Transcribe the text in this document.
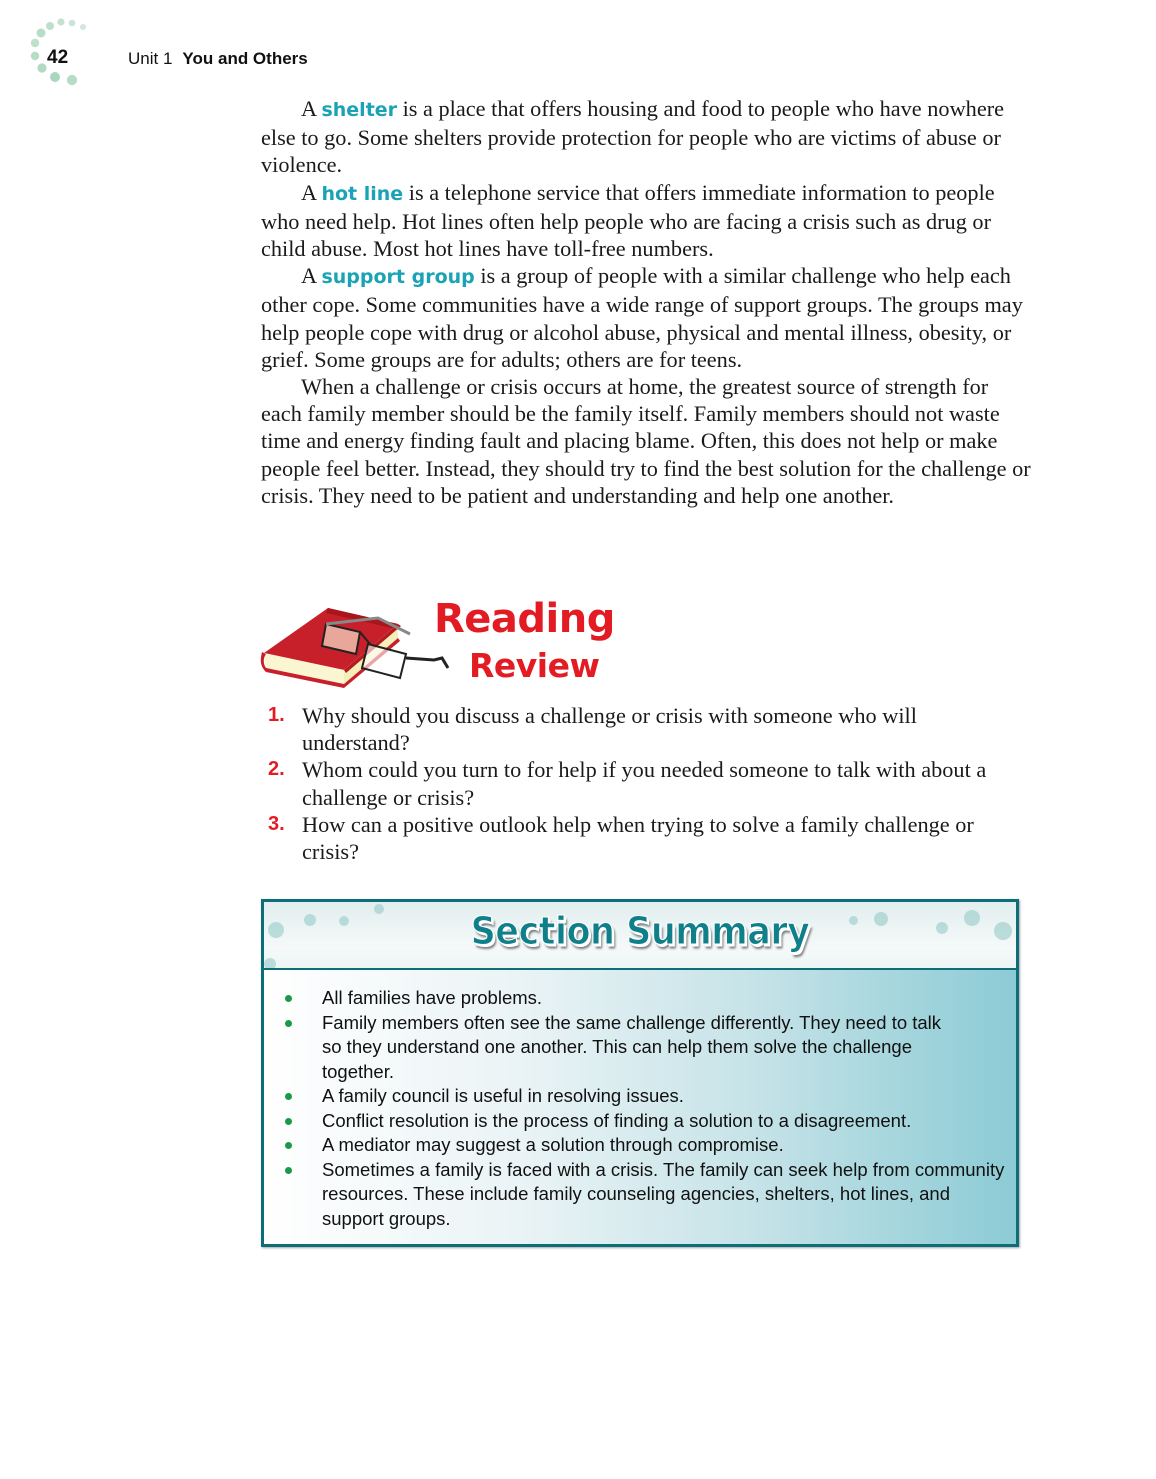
42	Unit 1 You and Others

A shelter is a place that offers housing and food to people who have nowhere else to go. Some shelters provide protection for people who are victims of abuse or violence.

A hot line is a telephone service that offers immediate information to people who need help. Hot lines often help people who are facing a crisis such as drug or child abuse. Most hot lines have toll-free numbers.

A support group is a group of people with a similar challenge who help each other cope. Some communities have a wide range of support groups. The groups may help people cope with drug or alcohol abuse, physical and mental illness, obesity, or grief. Some groups are for adults; others are for teens.

When a challenge or crisis occurs at home, the greatest source of strength for each family member should be the family itself. Family members should not waste time and energy finding fault and placing blame. Often, this does not help or make people feel better. Instead, they should try to find the best solution for the challenge or crisis. They need to be patient and understanding and help one another.

Reading
Review
1. Why should you discuss a challenge or crisis with someone who will understand?
2. Whom could you turn to for help if you needed someone to talk with about a challenge or crisis?
3. How can a positive outlook help when trying to solve a family challenge or crisis?
Section Summary
All families have problems.
Family members often see the same challenge differently. They need to talk so they understand one another. This can help them solve the challenge together.
A family council is useful in resolving issues.
Conflict resolution is the process of finding a solution to a disagreement.
A mediator may suggest a solution through compromise.
Sometimes a family is faced with a crisis. The family can seek help from community resources. These include family counseling agencies, shelters, hot lines, and support groups.
